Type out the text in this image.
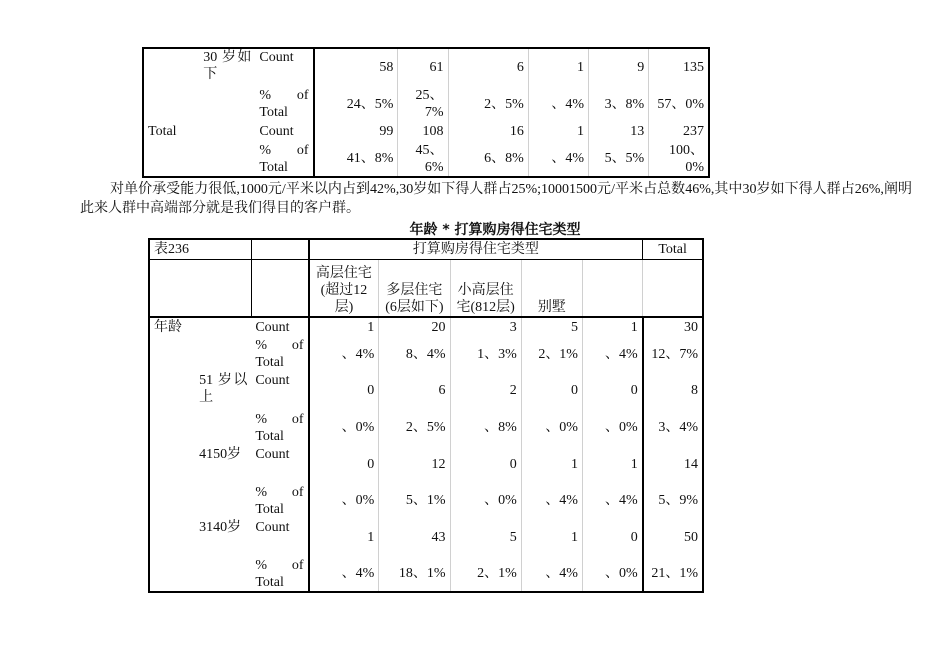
	30 岁如下	Count	58	61	6	1	9	135
		% of Total	24、5%	25、7%	2、5%	、4%	3、8%	57、0%
Total		Count	99	108	16	1	13	237
		% of Total	41、8%	45、6%	6、8%	、4%	5、5%	100、0%

对单价承受能力很低,1000元/平米以内占到42%,30岁如下得人群占25%;10001500元/平米占总数46%,其中30岁如下得人群占26%,阐明此来人群中高端部分就是我们得目的客户群。

年龄 * 打算购房得住宅类型

表236			打算购房得住宅类型					Total
			高层住宅(超过12层)	多层住宅(6层如下)	小高层住宅(812层)	别墅		
年龄		Count	1	20	3	5	1	30
		% of Total	、4%	8、4%	1、3%	2、1%	、4%	12、7%
	51 岁以上	Count	0	6	2	0	0	8
		% of Total	、0%	2、5%	、8%	、0%	、0%	3、4%
	4150岁	Count	0	12	0	1	1	14
		% of Total	、0%	5、1%	、0%	、4%	、4%	5、9%
	3140岁	Count	1	43	5	1	0	50
		% of Total	、4%	18、1%	2、1%	、4%	、0%	21、1%
